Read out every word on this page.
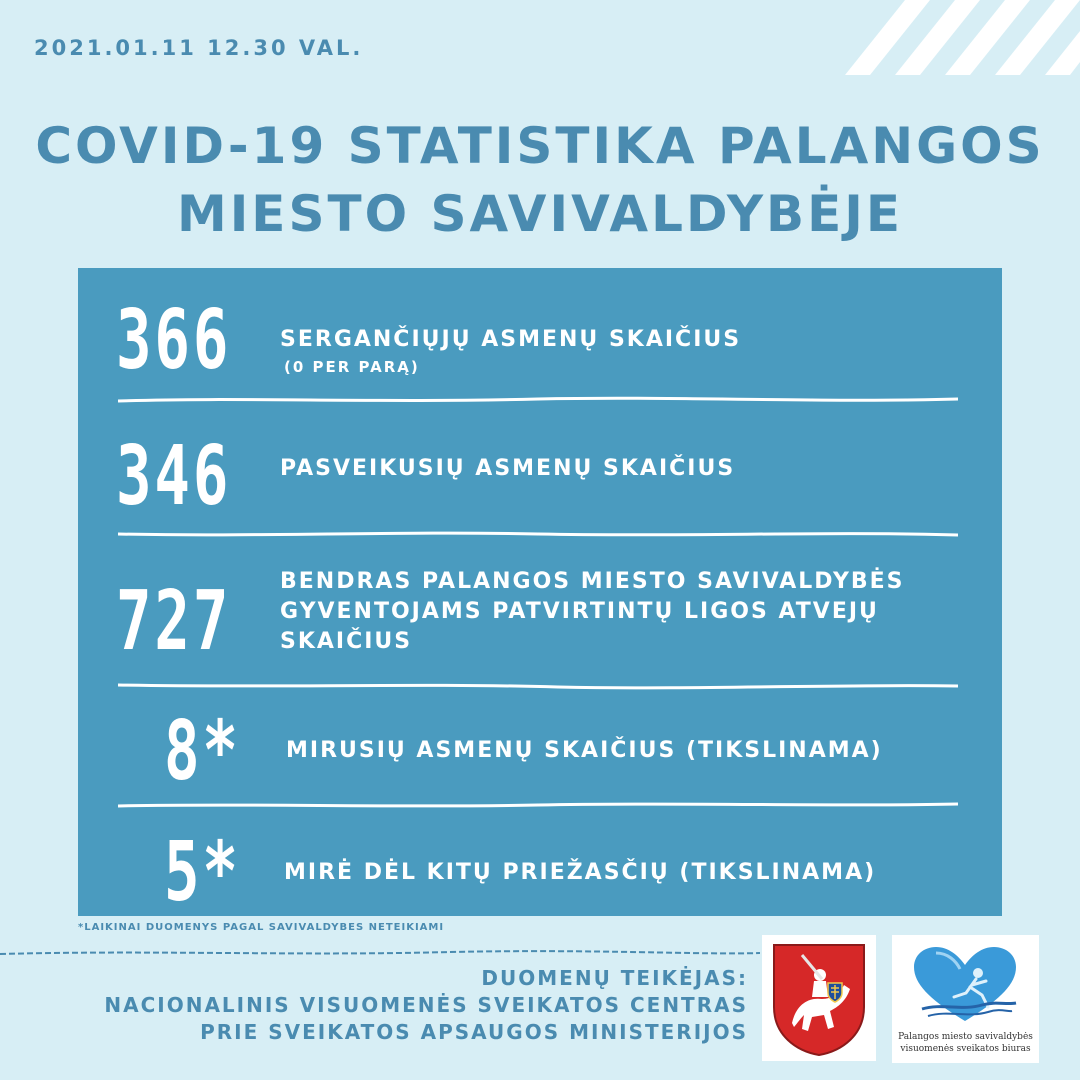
2021.01.11 12.30 VAL.
COVID-19 STATISTIKA PALANGOS
MIESTO SAVIVALDYBĖJE
366 SERGANČIŲJŲ ASMENŲ SKAIČIUS
(0 PER PARĄ)
346 PASVEIKUSIŲ ASMENŲ SKAIČIUS
727 BENDRAS PALANGOS MIESTO SAVIVALDYBĖS
GYVENTOJAMS PATVIRTINTŲ LIGOS ATVEJŲ
SKAIČIUS
8* MIRUSIŲ ASMENŲ SKAIČIUS (TIKSLINAMA)
5* MIRĖ DĖL KITŲ PRIEŽASČIŲ (TIKSLINAMA)
*LAIKINAI DUOMENYS PAGAL SAVIVALDYBES NETEIKIAMI
DUOMENŲ TEIKĖJAS:
NACIONALINIS VISUOMENĖS SVEIKATOS CENTRAS
PRIE SVEIKATOS APSAUGOS MINISTERIJOS	Palangos miesto savivaldybės
visuomenės sveikatos biuras
